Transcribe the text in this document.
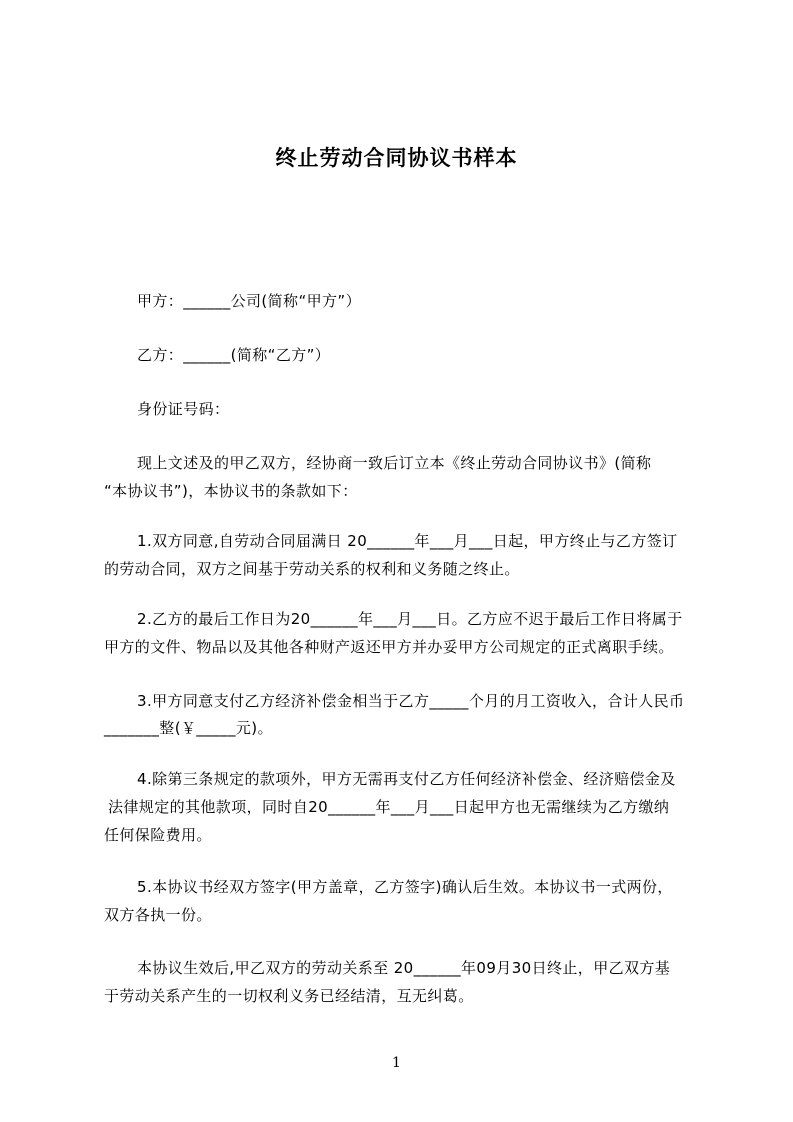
终止劳动合同协议书样本
甲方：______公司(简称“甲方”）
乙方：______(简称“乙方”）
身份证号码：
现上文述及的甲乙双方，经协商一致后订立本《终止劳动合同协议书》(简称
“本协议书”)，本协议书的条款如下：
1.双方同意,自劳动合同届满日 20______年___月___日起，甲方终止与乙方签订
的劳动合同，双方之间基于劳动关系的权利和义务随之终止。
2.乙方的最后工作日为20______年___月___日。乙方应不迟于最后工作日将属于
甲方的文件、物品以及其他各种财产返还甲方并办妥甲方公司规定的正式离职手续。
3.甲方同意支付乙方经济补偿金相当于乙方_____个月的月工资收入，合计人民币
_______整(￥_____元)。
4.除第三条规定的款项外，甲方无需再支付乙方任何经济补偿金、经济赔偿金及
法律规定的其他款项，同时自20______年___月___日起甲方也无需继续为乙方缴纳
任何保险费用。
5.本协议书经双方签字(甲方盖章，乙方签字)确认后生效。本协议书一式两份，
双方各执一份。
本协议生效后,甲乙双方的劳动关系至 20______年09月30日终止，甲乙双方基
于劳动关系产生的一切权利义务已经结清，互无纠葛。
1
